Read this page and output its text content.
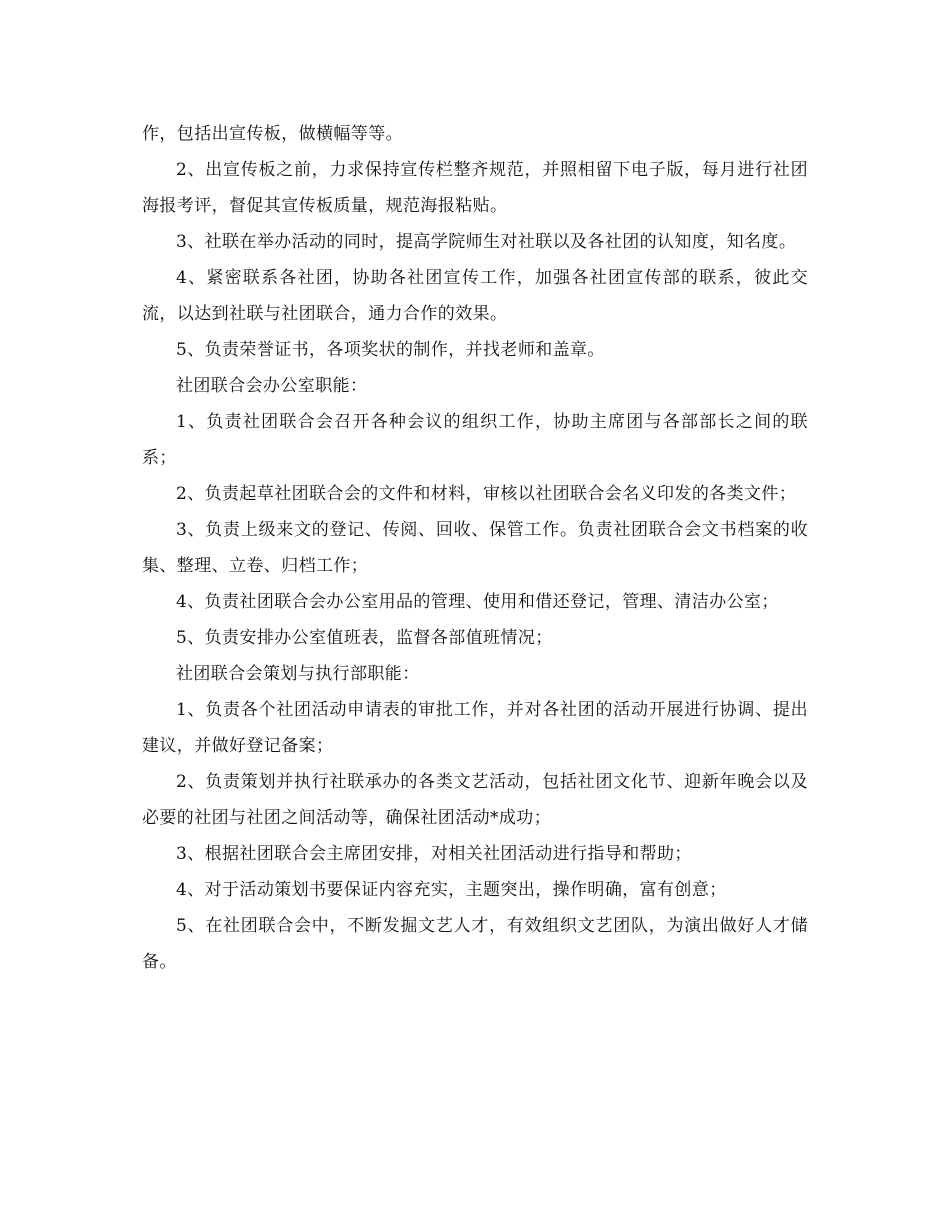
作，包括出宣传板，做横幅等等。

2、出宣传板之前，力求保持宣传栏整齐规范，并照相留下电子版，每月进行社团海报考评，督促其宣传板质量，规范海报粘贴。

3、社联在举办活动的同时，提高学院师生对社联以及各社团的认知度，知名度。

4、紧密联系各社团，协助各社团宣传工作，加强各社团宣传部的联系，彼此交流，以达到社联与社团联合，通力合作的效果。

5、负责荣誉证书，各项奖状的制作，并找老师和盖章。

社团联合会办公室职能：

1、负责社团联合会召开各种会议的组织工作，协助主席团与各部部长之间的联系；

2、负责起草社团联合会的文件和材料，审核以社团联合会名义印发的各类文件；

3、负责上级来文的登记、传阅、回收、保管工作。负责社团联合会文书档案的收集、整理、立卷、归档工作；

4、负责社团联合会办公室用品的管理、使用和借还登记，管理、清洁办公室；

5、负责安排办公室值班表，监督各部值班情况；

社团联合会策划与执行部职能：

1、负责各个社团活动申请表的审批工作，并对各社团的活动开展进行协调、提出建议，并做好登记备案；

2、负责策划并执行社联承办的各类文艺活动，包括社团文化节、迎新年晚会以及必要的社团与社团之间活动等，确保社团活动*成功；

3、根据社团联合会主席团安排，对相关社团活动进行指导和帮助；

4、对于活动策划书要保证内容充实，主题突出，操作明确，富有创意；

5、在社团联合会中，不断发掘文艺人才，有效组织文艺团队，为演出做好人才储备。
